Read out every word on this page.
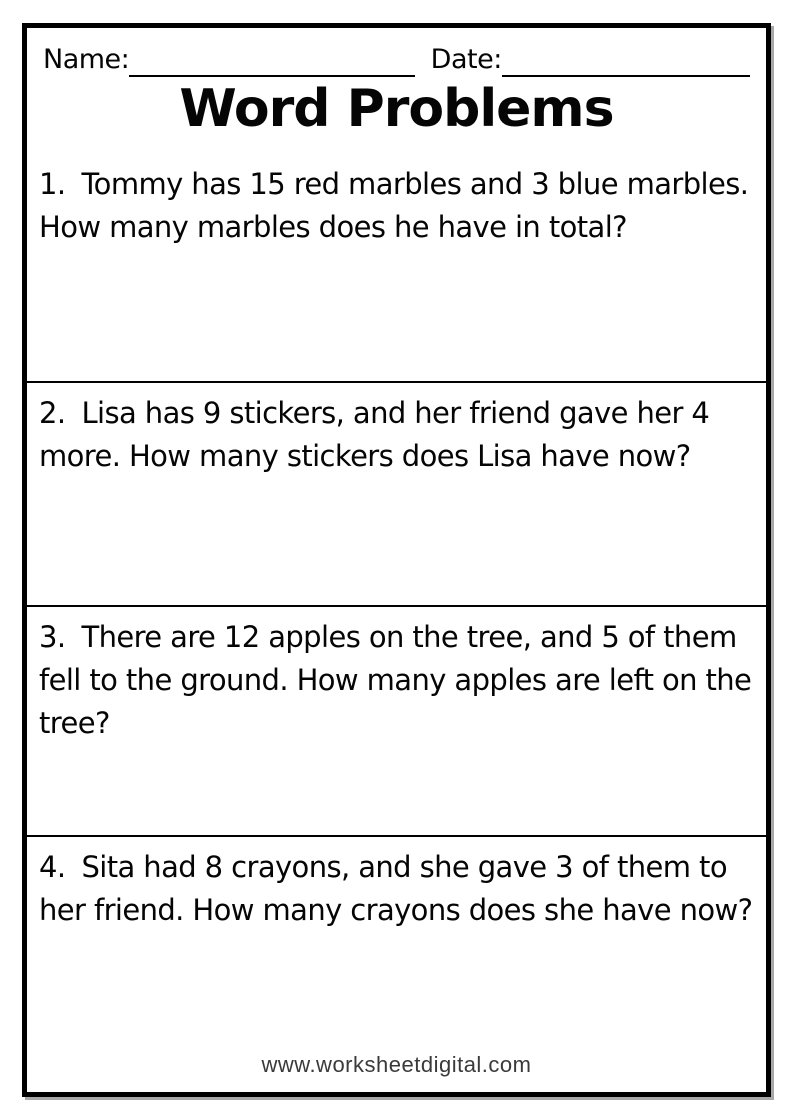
Name:	Date:
Word Problems

1. Tommy has 15 red marbles and 3 blue marbles. How many marbles does he have in total?

2. Lisa has 9 stickers, and her friend gave her 4 more. How many stickers does Lisa have now?

3. There are 12 apples on the tree, and 5 of them fell to the ground. How many apples are left on the tree?

4. Sita had 8 crayons, and she gave 3 of them to her friend. How many crayons does she have now?

www.worksheetdigital.com
